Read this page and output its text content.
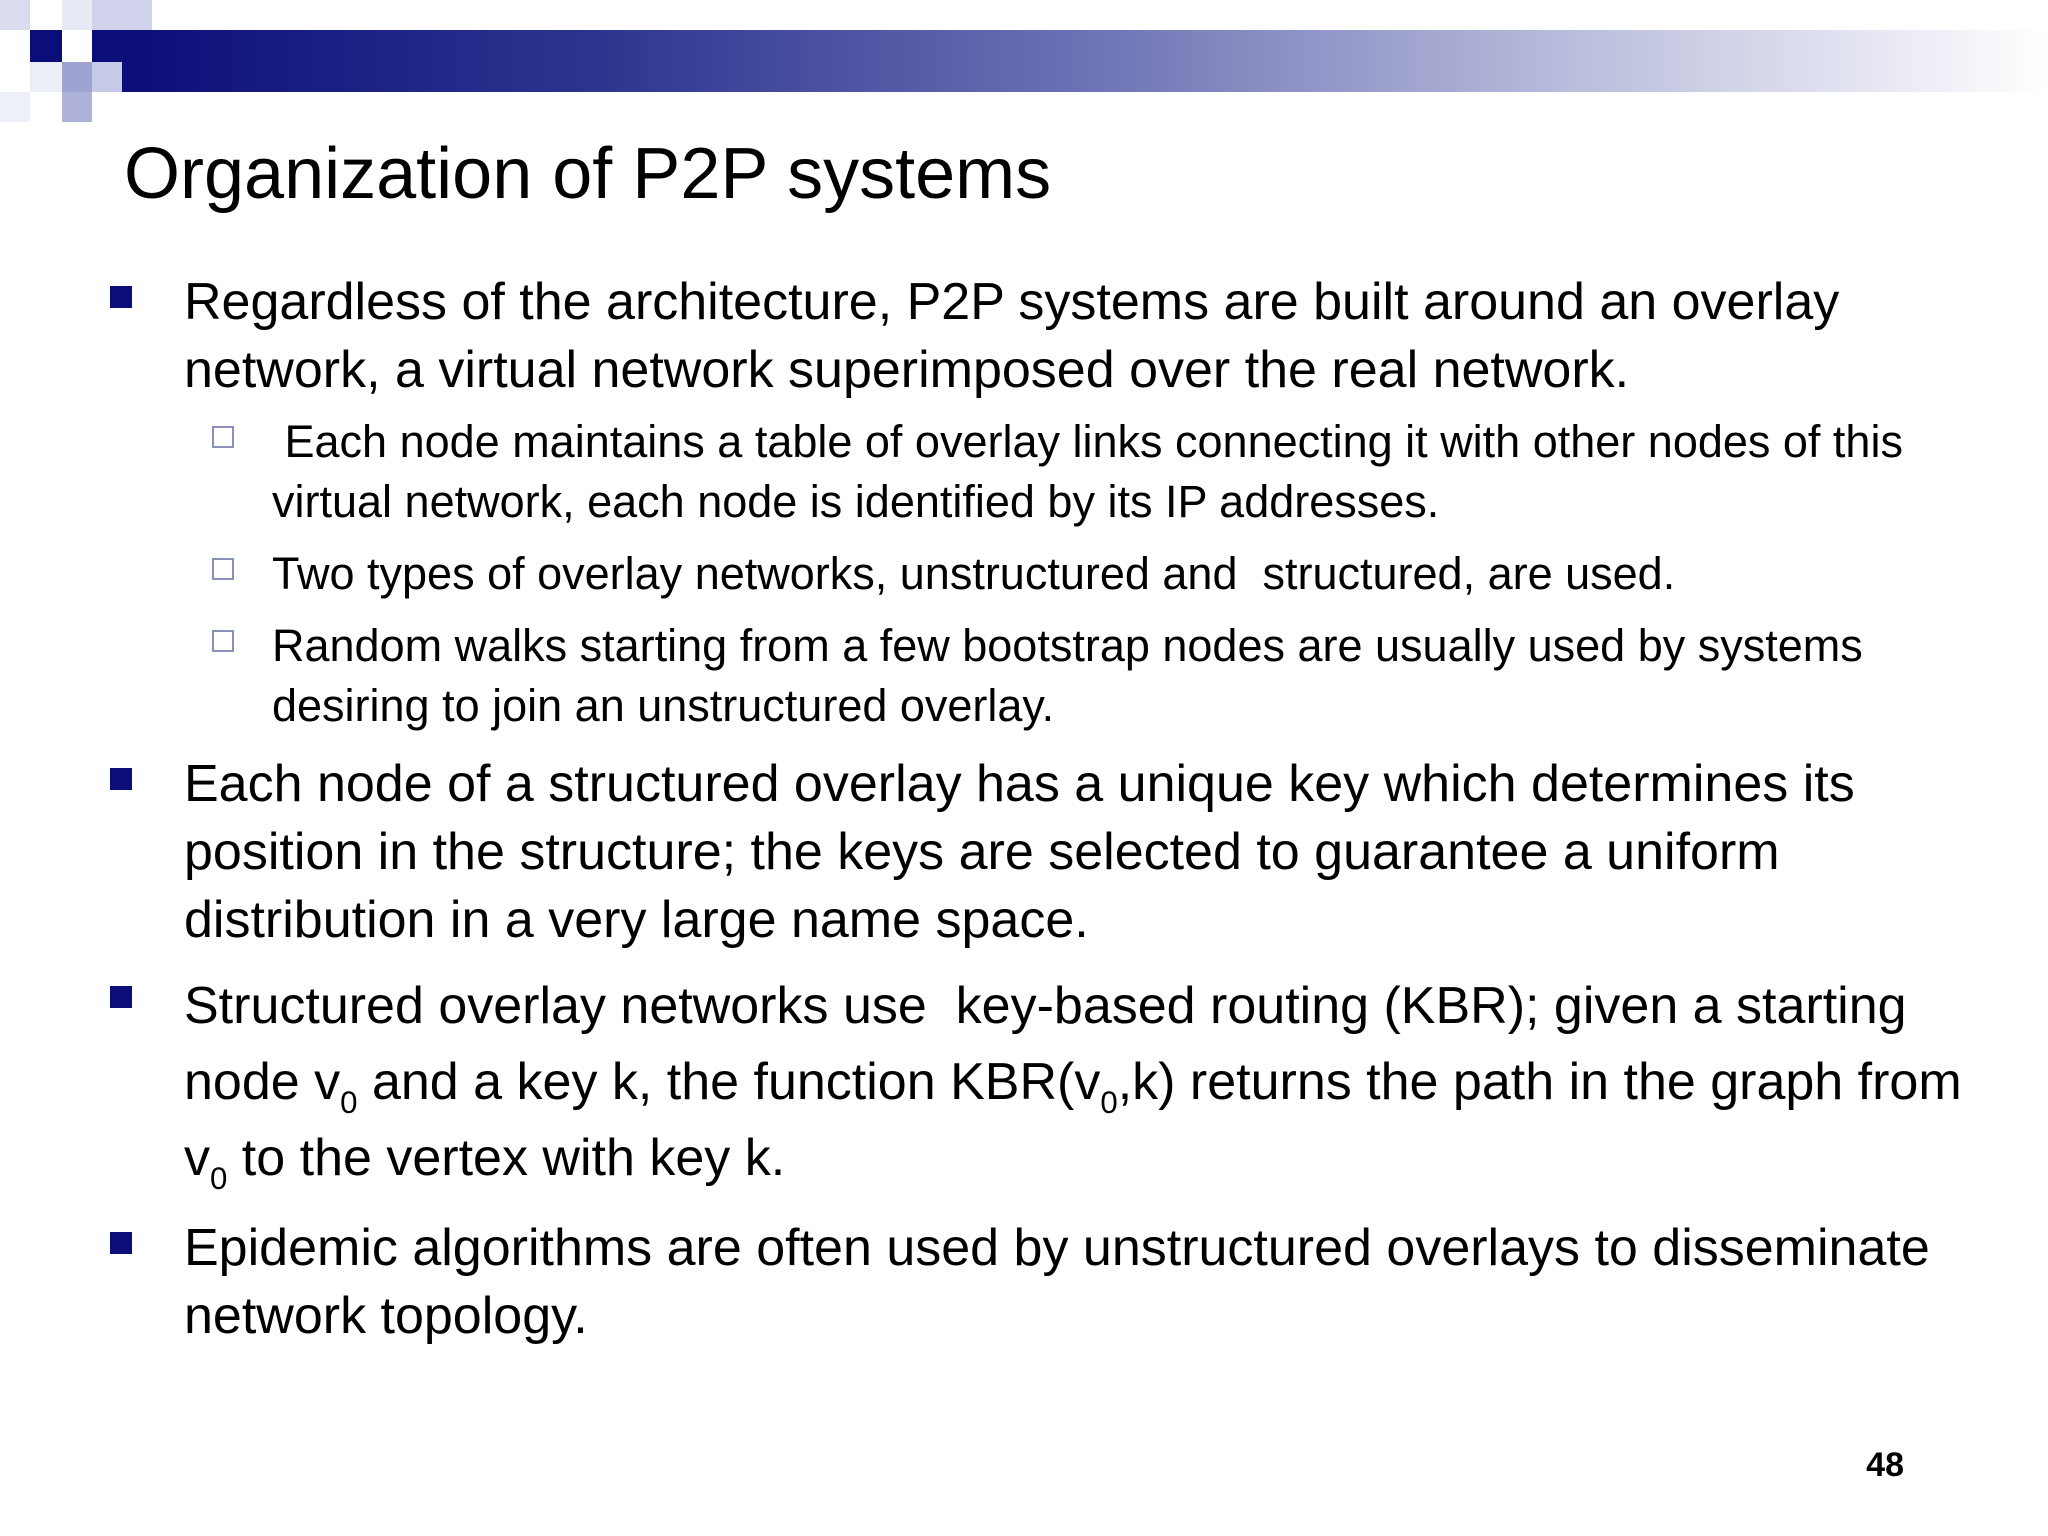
Organization of P2P systems
Regardless of the architecture, P2P systems are built around an overlay network, a virtual network superimposed over the real network.
Each node maintains a table of overlay links connecting it with other nodes of this virtual network, each node is identified by its IP addresses.
Two types of overlay networks, unstructured and  structured, are used.
Random walks starting from a few bootstrap nodes are usually used by systems desiring to join an unstructured overlay.
Each node of a structured overlay has a unique key which determines its position in the structure; the keys are selected to guarantee a uniform distribution in a very large name space.
Structured overlay networks use  key-based routing (KBR); given a starting node $v_0$ and a key k, the function $KBR(v_0,k)$ returns the path in the graph from $v_0$ to the vertex with key k.
Epidemic algorithms are often used by unstructured overlays to disseminate network topology.
48
